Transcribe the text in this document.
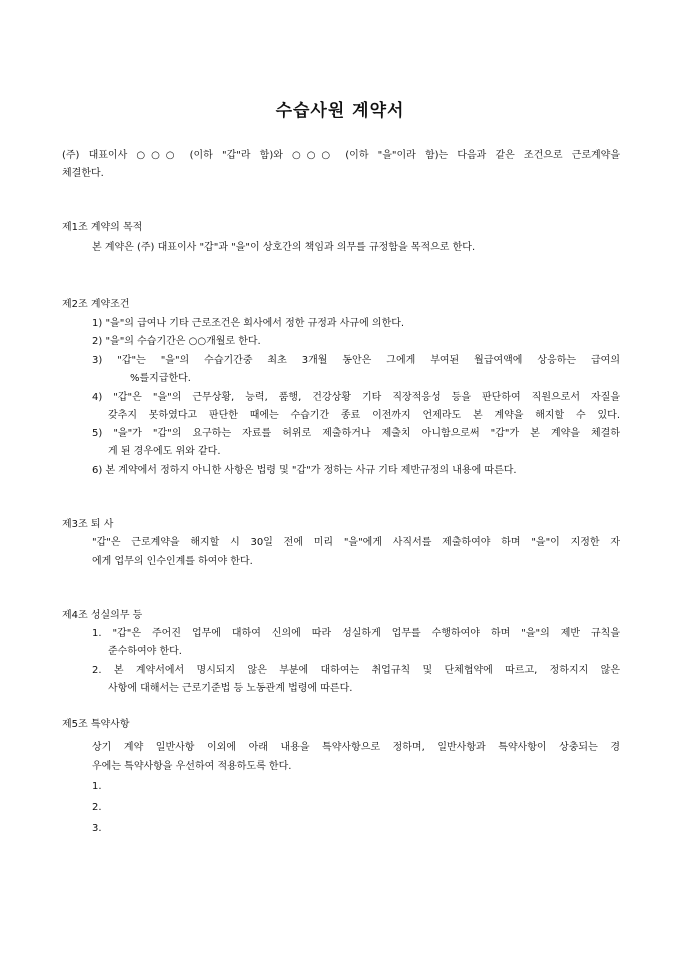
수습사원 계약서
(주) 대표이사 ○○○ (이하 "갑"라 함)와 ○○○ (이하 "을"이라 함)는 다음과 같은 조건으로 근로계약을
체결한다.
제1조 계약의 목적
본 계약은 (주) 대표이사 "갑"과 "을"이 상호간의 책임과 의무를 규정함을 목적으로 한다.
제2조 계약조건
1) "을"의 급여나 기타 근로조건은 회사에서 정한 규정과 사규에 의한다.
2) "을"의 수습기간은 ○○개월로 한다.
3) "갑"는 "을"의 수습기간중 최초 3개월 동안은 그에게 부여된 월급여액에 상응하는 급여의
%를지급한다.
4) "갑"은 "을"의 근무상황, 능력, 품행, 건강상황 기타 직장적응성 등을 판단하여 직원으로서 자질을
갖추지 못하였다고 판단한 때에는 수습기간 종료 이전까지 언제라도 본 계약을 해지할 수 있다.
5) "을"가 "갑"의 요구하는 자료를 허위로 제출하거나 제출치 아니함으로써 "갑"가 본 계약을 체결하
게 된 경우에도 위와 같다.
6) 본 계약에서 정하지 아니한 사항은 법령 및 "갑"가 정하는 사규 기타 제반규정의 내용에 따른다.
제3조 퇴 사
"갑"은 근로계약을 해지할 시 30일 전에 미리 "을"에게 사직서를 제출하여야 하며 "을"이 지정한 자
에게 업무의 인수인계를 하여야 한다.
제4조 성실의무 등
1. "갑"은 주어진 업무에 대하여 신의에 따라 성실하게 업무를 수행하여야 하며 "을"의 제반 규칙을
준수하여야 한다.
2. 본 계약서에서 명시되지 않은 부분에 대하여는 취업규칙 및 단체협약에 따르고, 정하지지 않은
사항에 대해서는 근로기준법 등 노동관계 법령에 따른다.
제5조 특약사항
상기 계약 일반사항 이외에 아래 내용을 특약사항으로 정하며, 일반사항과 특약사항이 상충되는 경
우에는 특약사항을 우선하여 적용하도록 한다.
1.
2.
3.
